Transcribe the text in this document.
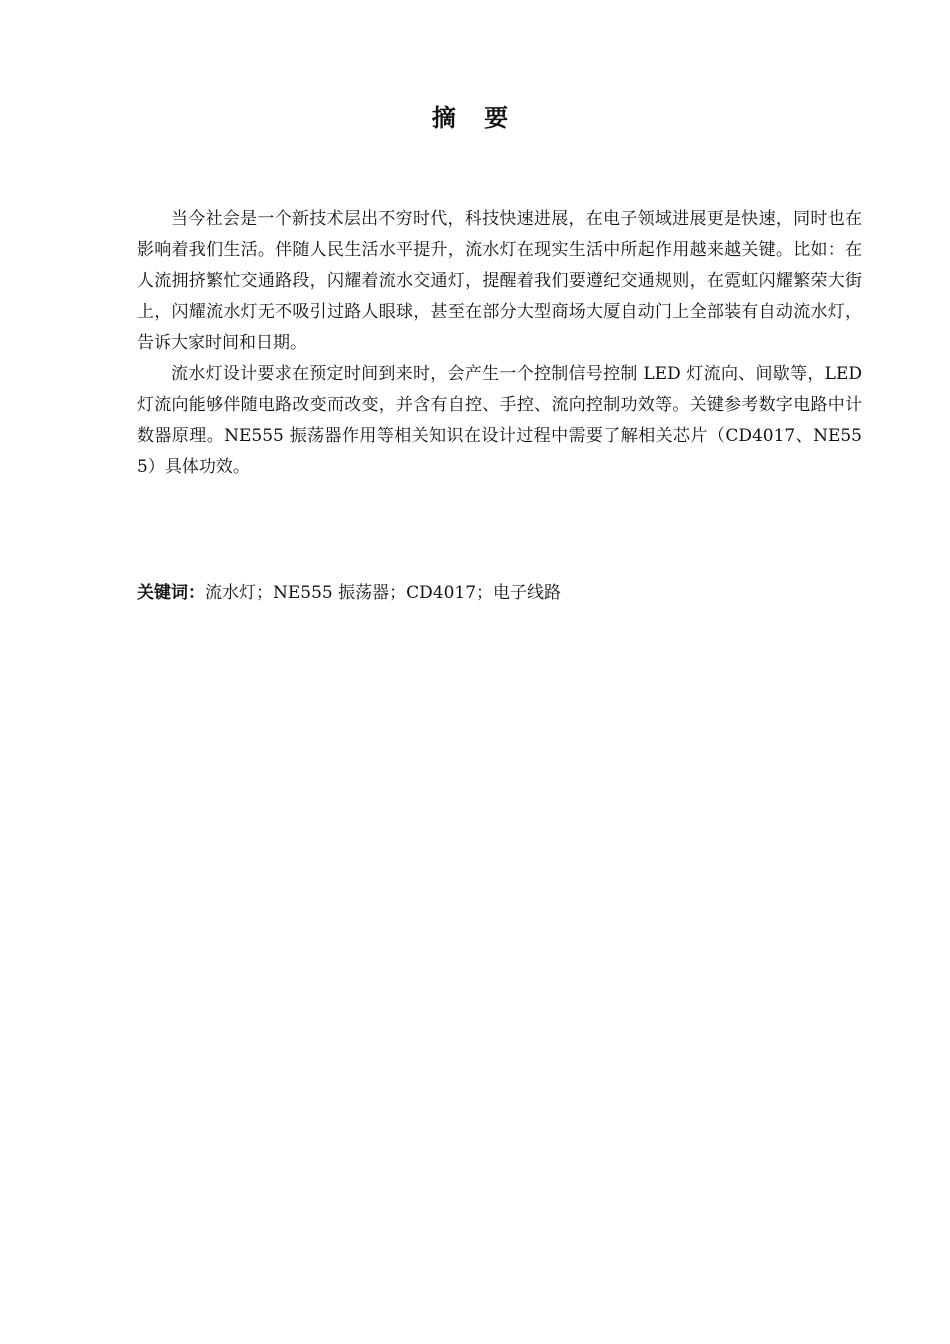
摘 要

当今社会是一个新技术层出不穷时代，科技快速进展，在电子领域进展更是快速，同时也在影响着我们生活。伴随人民生活水平提升，流水灯在现实生活中所起作用越来越关键。比如：在人流拥挤繁忙交通路段，闪耀着流水交通灯，提醒着我们要遵纪交通规则，在霓虹闪耀繁荣大街上，闪耀流水灯无不吸引过路人眼球，甚至在部分大型商场大厦自动门上全部装有自动流水灯，告诉大家时间和日期。

流水灯设计要求在预定时间到来时，会产生一个控制信号控制 LED 灯流向、间歇等，LED 灯流向能够伴随电路改变而改变，并含有自控、手控、流向控制功效等。关键参考数字电路中计数器原理。NE555 振荡器作用等相关知识在设计过程中需要了解相关芯片（CD4017、NE555）具体功效。

关键词：流水灯；NE555 振荡器；CD4017；电子线路
